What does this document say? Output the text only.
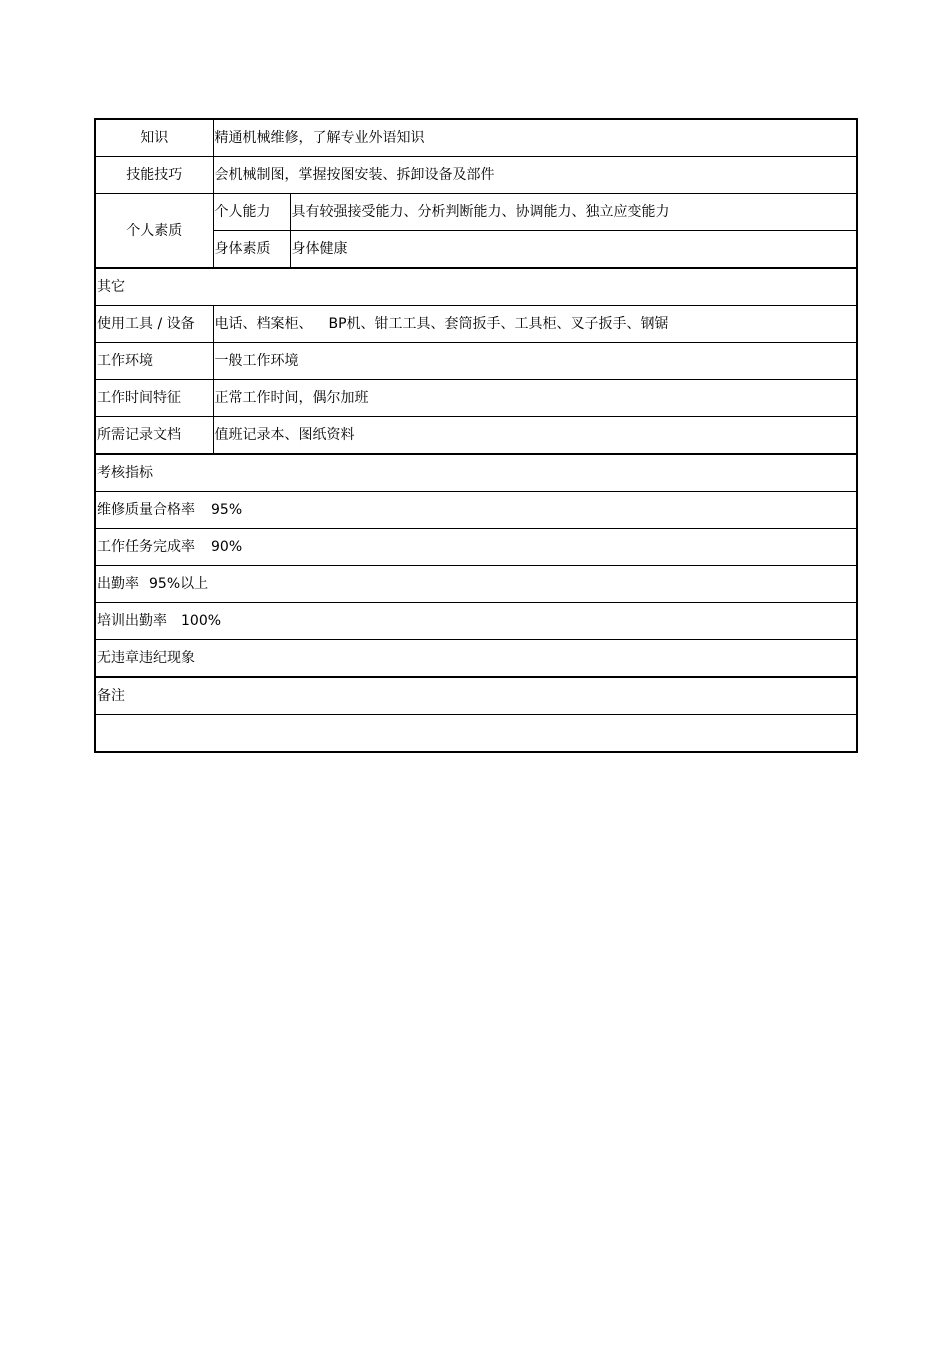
知识	精通机械维修，了解专业外语知识	
技能技巧	会机械制图，掌握按图安装、拆卸设备及部件	
个人素质	个人能力	具有较强接受能力、分析判断能力、协调能力、独立应变能力
	身体素质	身体健康
其它		
使用工具 / 设备	电话、档案柜、 BP机、钳工工具、套筒扳手、工具柜、叉子扳手、钢锯	
工作环境	一般工作环境	
工作时间特征	正常工作时间，偶尔加班	
所需记录文档	值班记录本、图纸资料	
考核指标		
维修质量合格率 95%		
工作任务完成率 90%		
出勤率 95%以上		
培训出勤率 100%		
无违章违纪现象		
备注		
